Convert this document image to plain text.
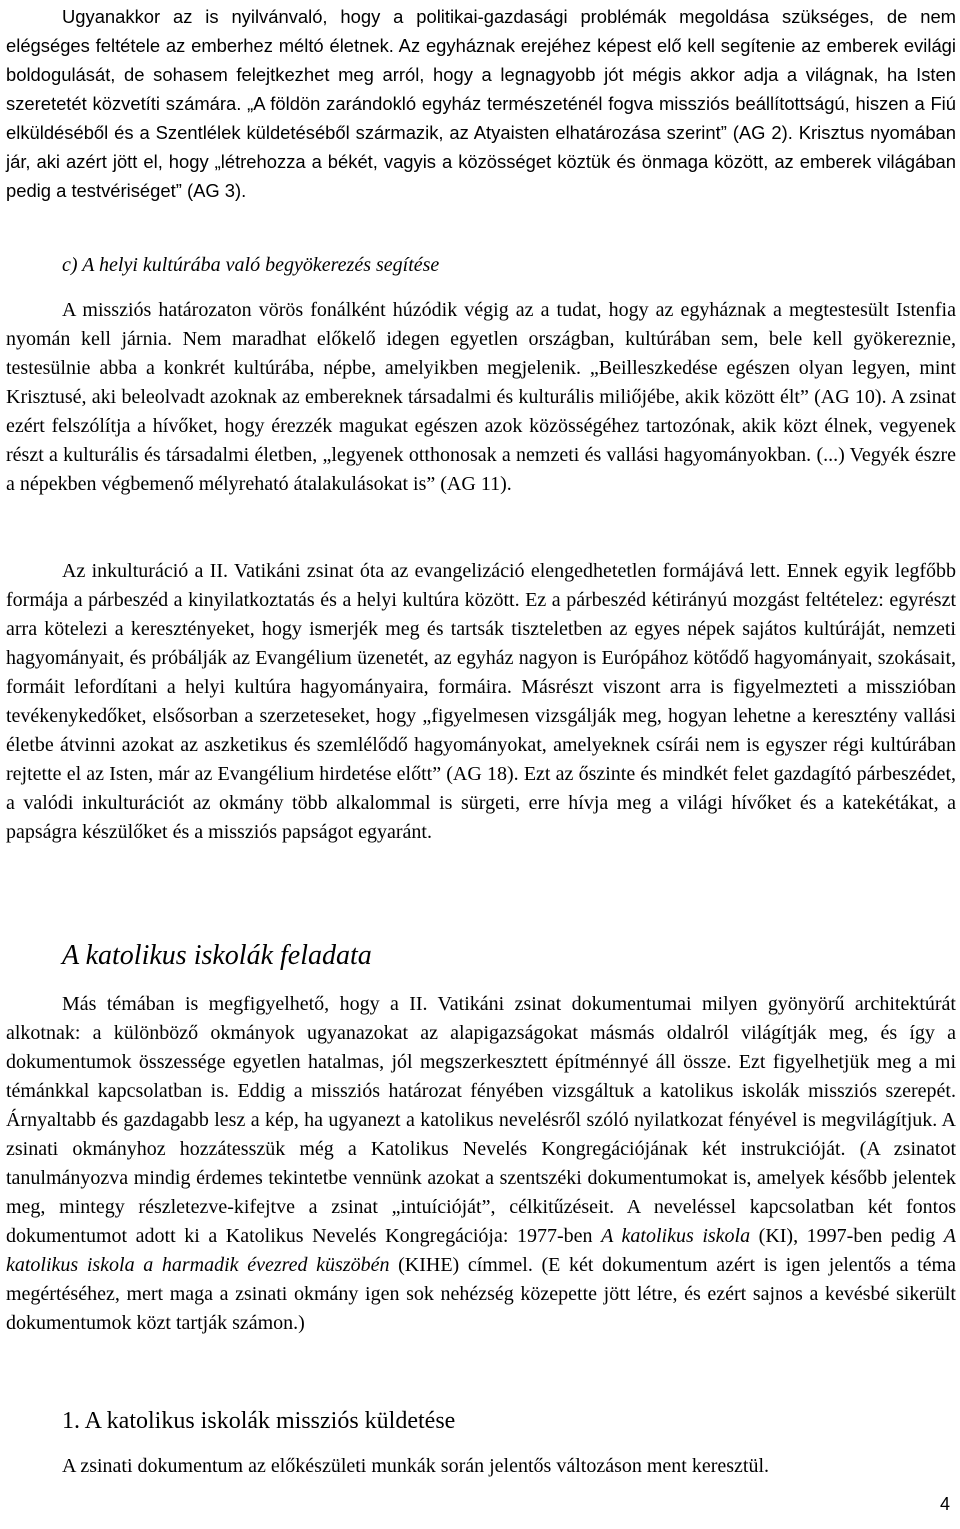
Ugyanakkor az is nyilvánvaló, hogy a politikai-gazdasági problémák megoldása szükséges, de nem elégséges feltétele az emberhez méltó életnek. Az egyháznak erejéhez képest elő kell segítenie az emberek evilági boldogulását, de sohasem felejtkezhet meg arról, hogy a legnagyobb jót mégis akkor adja a világnak, ha Isten szeretetét közvetíti számára. „A földön zarándokló egyház természeténél fogva missziós beállítottságú, hiszen a Fiú elküldéséből és a Szentlélek küldetéséből származik, az Atyaisten elhatározása szerint” (AG 2). Krisztus nyomában jár, aki azért jött el, hogy „létrehozza a békét, vagyis a közösséget köztük és önmaga között, az emberek világában pedig a testvériséget” (AG 3).

c) A helyi kultúrába való begyökerezés segítése

A missziós határozaton vörös fonálként húzódik végig az a tudat, hogy az egyháznak a megtestesült Istenfia nyomán kell járnia. Nem maradhat előkelő idegen egyetlen országban, kultúrában sem, bele kell gyökereznie, testesülnie abba a konkrét kultúrába, népbe, amelyikben megjelenik. „Beilleszkedése egészen olyan legyen, mint Krisztusé, aki beleolvadt azoknak az embereknek társadalmi és kulturális miliőjébe, akik között élt” (AG 10). A zsinat ezért felszólítja a hívőket, hogy érezzék magukat egészen azok közösségéhez tartozónak, akik közt élnek, vegyenek részt a kulturális és társadalmi életben, „legyenek otthonosak a nemzeti és vallási hagyományokban. (...) Vegyék észre a népekben végbemenő mélyreható átalakulásokat is” (AG 11).

Az inkulturáció a II. Vatikáni zsinat óta az evangelizáció elengedhetetlen formájává lett. Ennek egyik legfőbb formája a párbeszéd a kinyilatkoztatás és a helyi kultúra között. Ez a párbeszéd kétirányú mozgást feltételez: egyrészt arra kötelezi a keresztényeket, hogy ismerjék meg és tartsák tiszteletben az egyes népek sajátos kultúráját, nemzeti hagyományait, és próbálják az Evangélium üzenetét, az egyház nagyon is Európához kötődő hagyományait, szokásait, formáit lefordítani a helyi kultúra hagyományaira, formáira. Másrészt viszont arra is figyelmezteti a misszióban tevékenykedőket, elsősorban a szerzeteseket, hogy „figyelmesen vizsgálják meg, hogyan lehetne a keresztény vallási életbe átvinni azokat az aszketikus és szemlélődő hagyományokat, amelyeknek csírái nem is egyszer régi kultúrában rejtette el az Isten, már az Evangélium hirdetése előtt” (AG 18). Ezt az őszinte és mindkét felet gazdagító párbeszédet, a valódi inkulturációt az okmány több alkalommal is sürgeti, erre hívja meg a világi hívőket és a katekétákat, a papságra készülőket és a missziós papságot egyaránt.

A katolikus iskolák feladata

Más témában is megfigyelhető, hogy a II. Vatikáni zsinat dokumentumai milyen gyönyörű architektúrát alkotnak: a különböző okmányok ugyanazokat az alapigazságokat másmás oldalról világítják meg, és így a dokumentumok összessége egyetlen hatalmas, jól megszerkesztett építménnyé áll össze. Ezt figyelhetjük meg a mi témánkkal kapcsolatban is. Eddig a missziós határozat fényében vizsgáltuk a katolikus iskolák missziós szerepét. Árnyaltabb és gazdagabb lesz a kép, ha ugyanezt a katolikus nevelésről szóló nyilatkozat fényével is megvilágítjuk. A zsinati okmányhoz hozzátesszük még a Katolikus Nevelés Kongregációjának két instrukcióját. (A zsinatot tanulmányozva mindig érdemes tekintetbe vennünk azokat a szentszéki dokumentumokat is, amelyek később jelentek meg, mintegy részletezve-kifejtve a zsinat „intuícióját”, célkitűzéseit. A neveléssel kapcsolatban két fontos dokumentumot adott ki a Katolikus Nevelés Kongregációja: 1977-ben A katolikus iskola (KI), 1997-ben pedig A katolikus iskola a harmadik évezred küszöbén (KIHE) címmel. (E két dokumentum azért is igen jelentős a téma megértéséhez, mert maga a zsinati okmány igen sok nehézség közepette jött létre, és ezért sajnos a kevésbé sikerült dokumentumok közt tartják számon.)

1. A katolikus iskolák missziós küldetése

A zsinati dokumentum az előkészületi munkák során jelentős változáson ment keresztül.

4
